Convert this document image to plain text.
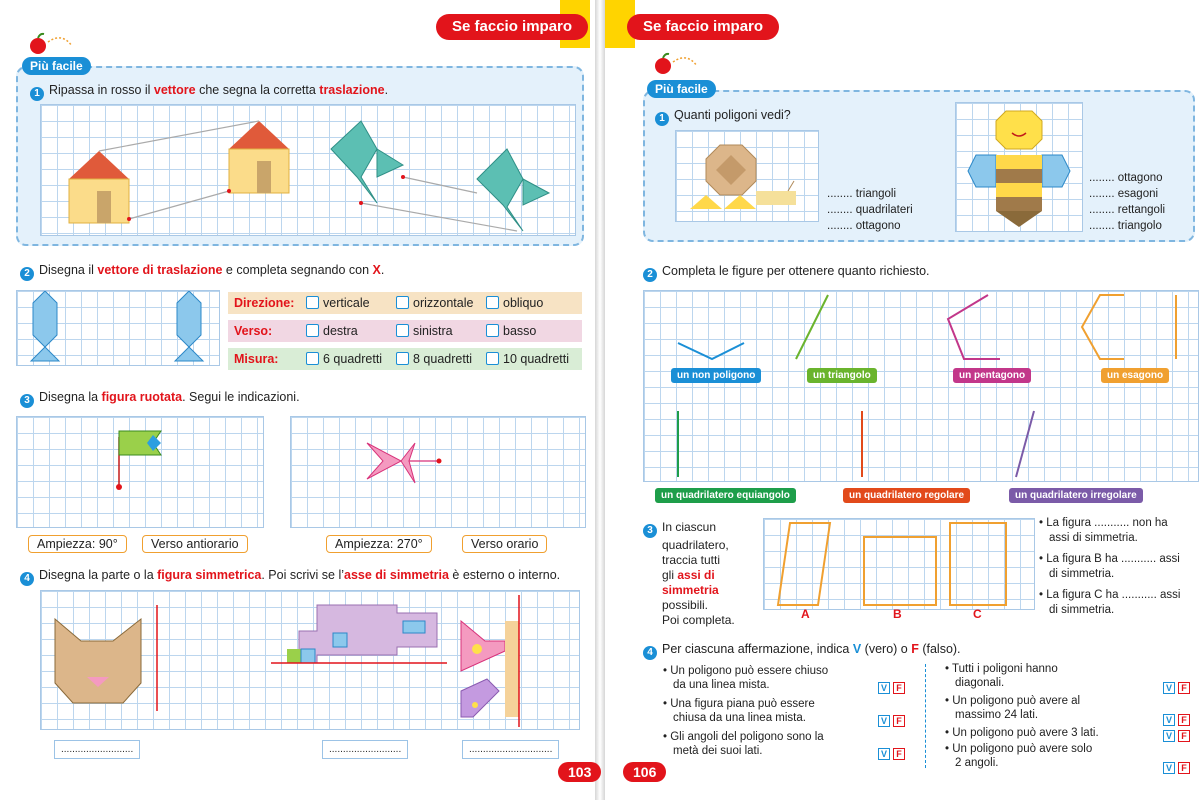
Se faccio imparo
Più facile
1 Ripassa in rosso il vettore che segna la corretta traslazione.
2 Disegna il vettore di traslazione e completa segnando con X.
Direzione:	verticale	orizzontale	obliquo
Verso:	destra	sinistra	basso
Misura:	6 quadretti	8 quadretti	10 quadretti
3 Disegna la figura ruotata. Segui le indicazioni.
Ampiezza: 90°	Verso antiorario	Ampiezza: 270°	Verso orario
4 Disegna la parte o la figura simmetrica. Poi scrivi se l’asse di simmetria è esterno o interno.
..........................	..........................	..............................
103
Se faccio imparo
Più facile
1 Quanti poligoni vedi?
........ triangoli
........ quadrilateri
........ ottagono
........ ottagono
........ esagoni
........ rettangoli
........ triangolo
2 Completa le figure per ottenere quanto richiesto.
un non poligono	un triangolo	un pentagono	un esagono
un quadrilatero equiangolo	un quadrilatero regolare	un quadrilatero irregolare
3 In ciascun
quadrilatero,
traccia tutti
gli assi di
simmetria
possibili.
Poi completa.	A	B	C
• La figura ........... non ha
assi di simmetria.
• La figura B ha ........... assi
di simmetria.
• La figura C ha ........... assi
di simmetria.
4 Per ciascuna affermazione, indica V (vero) o F (falso).
• Un poligono può essere chiuso
da una linea mista.	V F
• Una figura piana può essere
chiusa da una linea mista.	V F
• Gli angoli del poligono sono la
metà dei suoi lati.	V F
• Tutti i poligoni hanno
diagonali.	V F
• Un poligono può avere al
massimo 24 lati.	V F
• Un poligono può avere 3 lati.	V F
• Un poligono può avere solo
2 angoli.	V F
106
